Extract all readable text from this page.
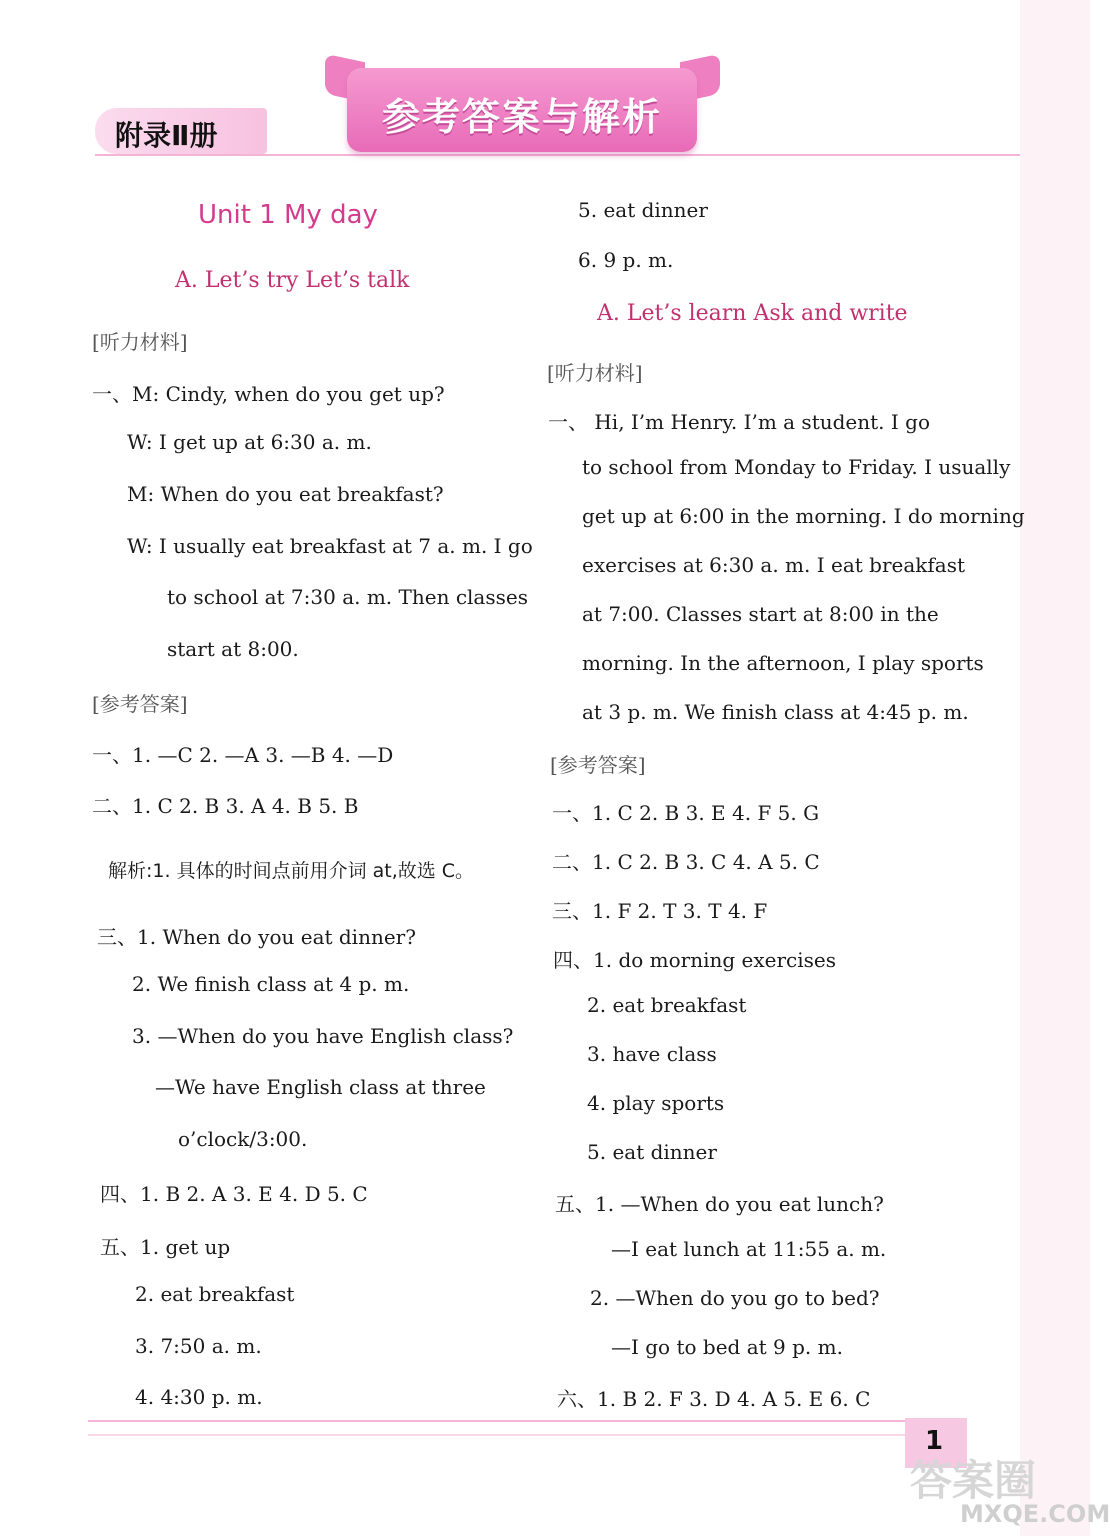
附录Ⅱ册	参考答案与解析
Unit 1 My day
A. Let’s try Let’s talk
[听力材料]
一、M: Cindy, when do you get up?
W: I get up at 6:30 a. m.
M: When do you eat breakfast?
W: I usually eat breakfast at 7 a. m. I go
to school at 7:30 a. m. Then classes
start at 8:00.
[参考答案]
一、1. —C 2. —A 3. —B 4. —D
二、1. C 2. B 3. A 4. B 5. B
解析:1. 具体的时间点前用介词 at,故选 C。
三、1. When do you eat dinner?
2. We finish class at 4 p. m.
3. —When do you have English class?
—We have English class at three
o’clock/3:00.
四、1. B 2. A 3. E 4. D 5. C
五、1. get up
2. eat breakfast
3. 7:50 a. m.
4. 4:30 p. m.
5. eat dinner
6. 9 p. m.
A. Let’s learn Ask and write
[听力材料]
一、 Hi, I’m Henry. I’m a student. I go
to school from Monday to Friday. I usually
get up at 6:00 in the morning. I do morning
exercises at 6:30 a. m. I eat breakfast
at 7:00. Classes start at 8:00 in the
morning. In the afternoon, I play sports
at 3 p. m. We finish class at 4:45 p. m.
[参考答案]
一、1. C 2. B 3. E 4. F 5. G
二、1. C 2. B 3. C 4. A 5. C
三、1. F 2. T 3. T 4. F
四、1. do morning exercises
2. eat breakfast
3. have class
4. play sports
5. eat dinner
五、1. —When do you eat lunch?
—I eat lunch at 11:55 a. m.
2. —When do you go to bed?
—I go to bed at 9 p. m.
六、1. B 2. F 3. D 4. A 5. E 6. C
1
答案圈
MXQE.COM
